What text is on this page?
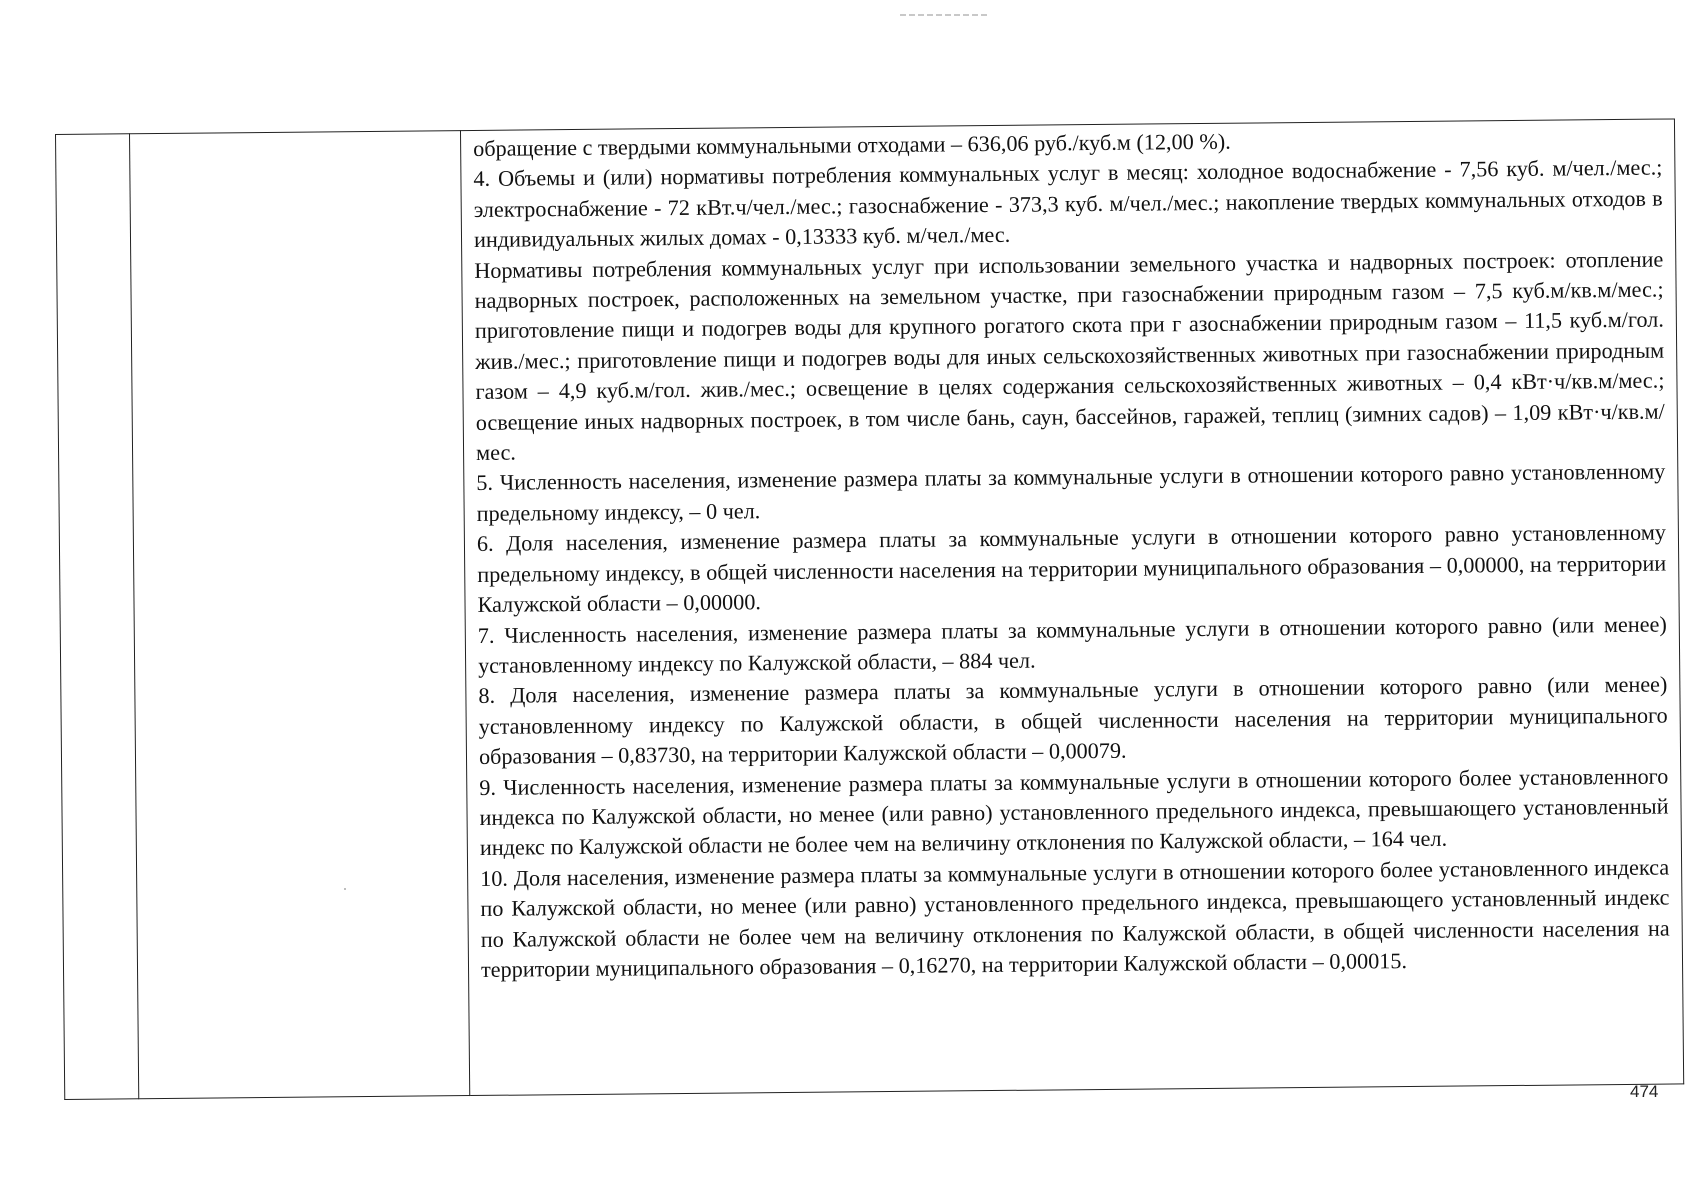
обращение с твердыми коммунальными отходами – 636,06 руб./куб.м (12,00 %).

4. Объемы и (или) нормативы потребления коммунальных услуг в месяц: холодное водоснабжение - 7,56 куб. м/чел./мес.; электроснабжение - 72 кВт.ч/чел./мес.; газоснабжение - 373,3 куб. м/чел./мес.; накопление твердых коммунальных отходов в индивидуальных жилых домах - 0,13333 куб. м/чел./мес.

Нормативы потребления коммунальных услуг при использовании земельного участка и надворных построек: отопление надворных построек, расположенных на земельном участке, при газоснабжении природным газом – 7,5 куб.м/кв.м/мес.; приготовление пищи и подогрев воды для крупного рогатого скота при г азоснабжении природным газом – 11,5 куб.м/гол. жив./мес.; приготовление пищи и подогрев воды для иных сельскохозяйственных животных при газоснабжении природным газом – 4,9 куб.м/гол. жив./мес.; освещение в целях содержания сельскохозяйственных животных – 0,4 кВт·ч/кв.м/мес.; освещение иных надворных построек, в том числе бань, саун, бассейнов, гаражей, теплиц (зимних садов) – 1,09 кВт·ч/кв.м/мес.

5. Численность населения, изменение размера платы за коммунальные услуги в отношении которого равно установленному предельному индексу, – 0 чел.

6. Доля населения, изменение размера платы за коммунальные услуги в отношении которого равно установленному предельному индексу, в общей численности населения на территории муниципального образования – 0,00000, на территории Калужской области – 0,00000.

7. Численность населения, изменение размера платы за коммунальные услуги в отношении которого равно (или менее) установленному индексу по Калужской области, – 884 чел.

8. Доля населения, изменение размера платы за коммунальные услуги в отношении которого равно (или менее) установленному индексу по Калужской области, в общей численности населения на территории муниципального образования – 0,83730, на территории Калужской области – 0,00079.

9. Численность населения, изменение размера платы за коммунальные услуги в отношении которого более установленного индекса по Калужской области, но менее (или равно) установленного предельного индекса, превышающего установленный индекс по Калужской области не более чем на величину отклонения по Калужской области, – 164 чел.

10. Доля населения, изменение размера платы за коммунальные услуги в отношении которого более установленного индекса по Калужской области, но менее (или равно) установленного предельного индекса, превышающего установленный индекс по Калужской области не более чем на величину отклонения по Калужской области, в общей численности населения на территории муниципального образования – 0,16270, на территории Калужской области – 0,00015.

474
